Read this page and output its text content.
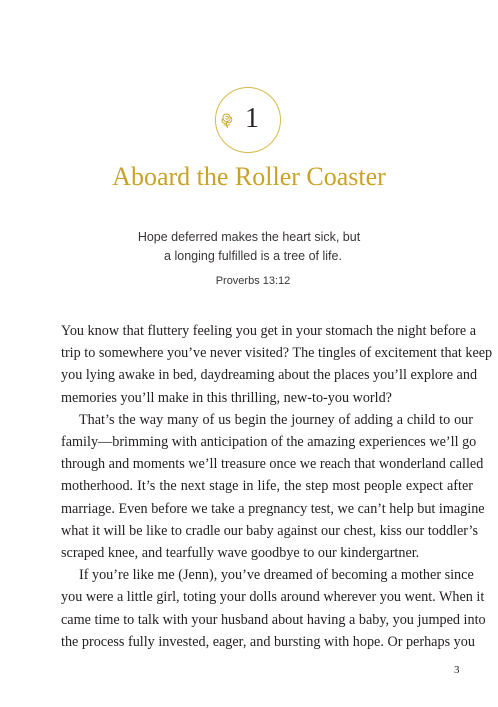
1
Aboard the Roller Coaster
Hope deferred makes the heart sick, but
a longing fulfilled is a tree of life.
Proverbs 13:12
You know that fluttery feeling you get in your stomach the night before a
trip to somewhere you’ve never visited? The tingles of excitement that keep
you lying awake in bed, daydreaming about the places you’ll explore and
memories you’ll make in this thrilling, new-to-you world?
That’s the way many of us begin the journey of adding a child to our
family—brimming with anticipation of the amazing experiences we’ll go
through and moments we’ll treasure once we reach that wonderland called
motherhood. It’s the next stage in life, the step most people expect after
marriage. Even before we take a pregnancy test, we can’t help but imagine
what it will be like to cradle our baby against our chest, kiss our toddler’s
scraped knee, and tearfully wave goodbye to our kindergartner.
If you’re like me (Jenn), you’ve dreamed of becoming a mother since
you were a little girl, toting your dolls around wherever you went. When it
came time to talk with your husband about having a baby, you jumped into
the process fully invested, eager, and bursting with hope. Or perhaps you
3
